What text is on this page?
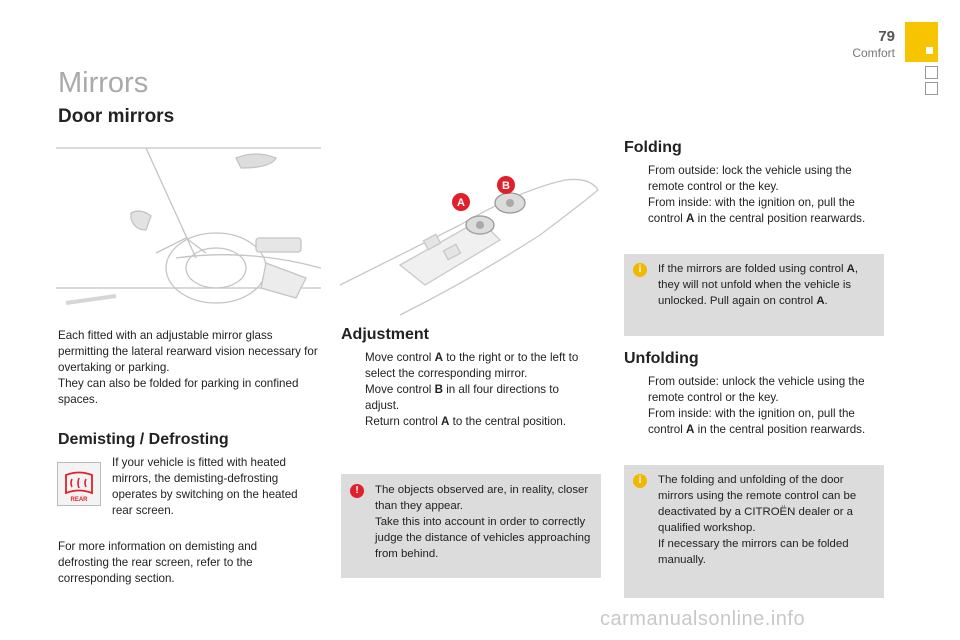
79
Comfort
Mirrors
Door mirrors
A
B

Each fitted with an adjustable mirror glass permitting the lateral rearward vision necessary for overtaking or parking.

They can also be folded for parking in confined spaces.

Demisting / Defrosting
REAR
If your vehicle is fitted with heated mirrors, the demisting-defrosting operates by switching on the heated rear screen.
For more information on demisting and defrosting the rear screen, refer to the corresponding section.
Adjustment
Move control A to the right or to the left to select the corresponding mirror.
Move control B in all four directions to adjust.
Return control A to the central position.
!	The objects observed are, in reality, closer than they appear.

Take this into account in order to correctly judge the distance of vehicles approaching from behind.

Folding
From outside: lock the vehicle using the remote control or the key.
From inside: with the ignition on, pull the control A in the central position rearwards.
i	If the mirrors are folded using control A, they will not unfold when the vehicle is unlocked. Pull again on control A.
Unfolding
From outside: unlock the vehicle using the remote control or the key.
From inside: with the ignition on, pull the control A in the central position rearwards.
i	The folding and unfolding of the door mirrors using the remote control can be deactivated by a CITROËN dealer or a qualified workshop.

If necessary the mirrors can be folded manually.

carmanualsonline.info
